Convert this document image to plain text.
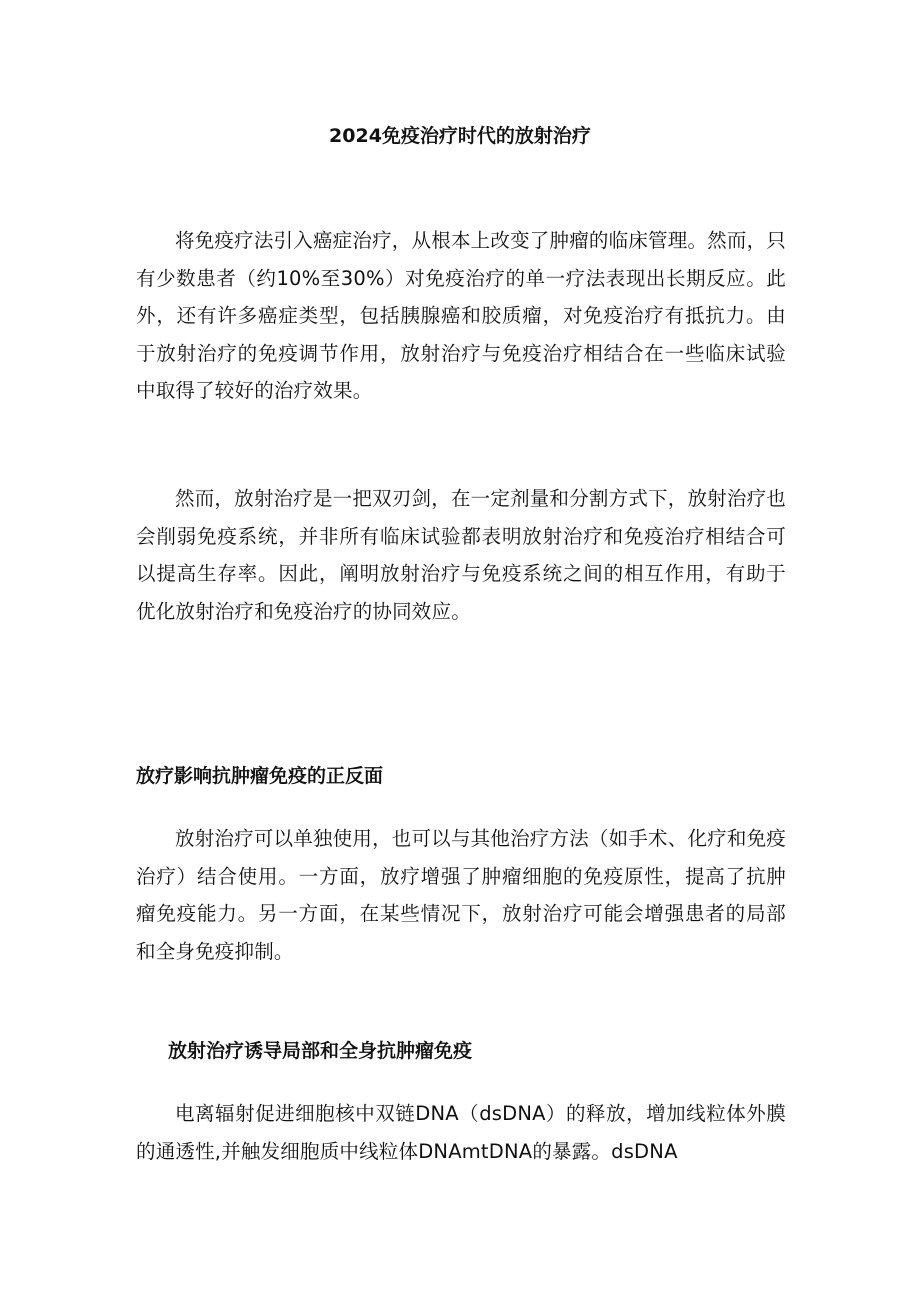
2024免疫治疗时代的放射治疗

将免疫疗法引入癌症治疗，从根本上改变了肿瘤的临床管理。然而，只有少数患者（约10%至30%）对免疫治疗的单一疗法表现出长期反应。此外，还有许多癌症类型，包括胰腺癌和胶质瘤，对免疫治疗有抵抗力。由于放射治疗的免疫调节作用，放射治疗与免疫治疗相结合在一些临床试验中取得了较好的治疗效果。

然而，放射治疗是一把双刃剑，在一定剂量和分割方式下，放射治疗也会削弱免疫系统，并非所有临床试验都表明放射治疗和免疫治疗相结合可以提高生存率。因此，阐明放射治疗与免疫系统之间的相互作用，有助于优化放射治疗和免疫治疗的协同效应。

放疗影响抗肿瘤免疫的正反面

放射治疗可以单独使用，也可以与其他治疗方法（如手术、化疗和免疫治疗）结合使用。一方面，放疗增强了肿瘤细胞的免疫原性，提高了抗肿瘤免疫能力。另一方面，在某些情况下，放射治疗可能会增强患者的局部和全身免疫抑制。

放射治疗诱导局部和全身抗肿瘤免疫

电离辐射促进细胞核中双链DNA（dsDNA）的释放，增加线粒体外膜的通透性,并触发细胞质中线粒体DNAmtDNA的暴露。dsDNA
